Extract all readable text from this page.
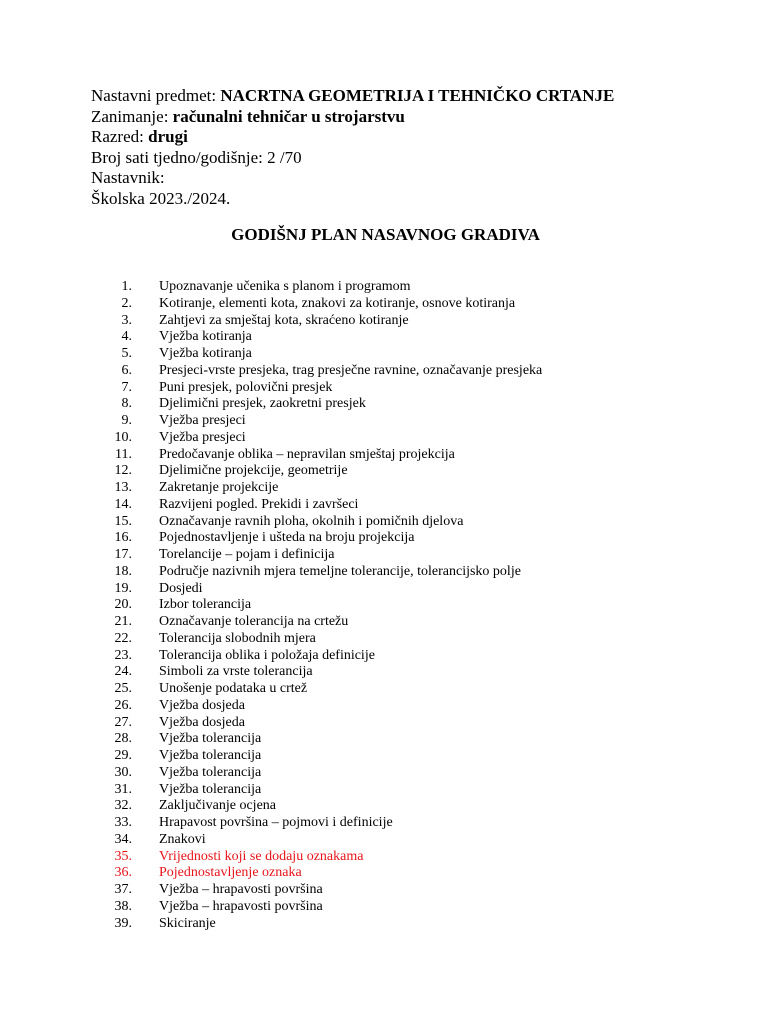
Nastavni predmet: NACRTNA GEOMETRIJA I TEHNIČKO CRTANJE
Zanimanje: računalni tehničar u strojarstvu
Razred: drugi
Broj sati tjedno/godišnje: 2 /70
Nastavnik:
Školska 2023./2024.
GODIŠNJ PLAN NASAVNOG GRADIVA
1. Upoznavanje učenika s planom i programom
2. Kotiranje, elementi kota, znakovi za kotiranje, osnove kotiranja
3. Zahtjevi za smještaj kota, skraćeno kotiranje
4. Vježba kotiranja
5. Vježba kotiranja
6. Presjeci-vrste presjeka, trag presječne ravnine, označavanje presjeka
7. Puni presjek, polovični presjek
8. Djelimični presjek, zaokretni presjek
9. Vježba presjeci
10. Vježba presjeci
11. Predočavanje oblika – nepravilan smještaj projekcija
12. Djelimične projekcije, geometrije
13. Zakretanje projekcije
14. Razvijeni pogled. Prekidi i završeci
15. Označavanje ravnih ploha, okolnih i pomičnih djelova
16. Pojednostavljenje i ušteda na broju projekcija
17. Torelancije – pojam i definicija
18. Područje nazivnih mjera temeljne tolerancije, tolerancijsko polje
19. Dosjedi
20. Izbor tolerancija
21. Označavanje tolerancija na crtežu
22. Tolerancija slobodnih mjera
23. Tolerancija oblika i položaja definicije
24. Simboli za vrste tolerancija
25. Unošenje podataka u crtež
26. Vježba dosjeda
27. Vježba dosjeda
28. Vježba tolerancija
29. Vježba tolerancija
30. Vježba tolerancija
31. Vježba tolerancija
32. Zaključivanje ocjena
33. Hrapavost površina – pojmovi i definicije
34. Znakovi
35. Vrijednosti koji se dodaju oznakama
36. Pojednostavljenje oznaka
37. Vježba – hrapavosti površina
38. Vježba – hrapavosti površina
39. Skiciranje
